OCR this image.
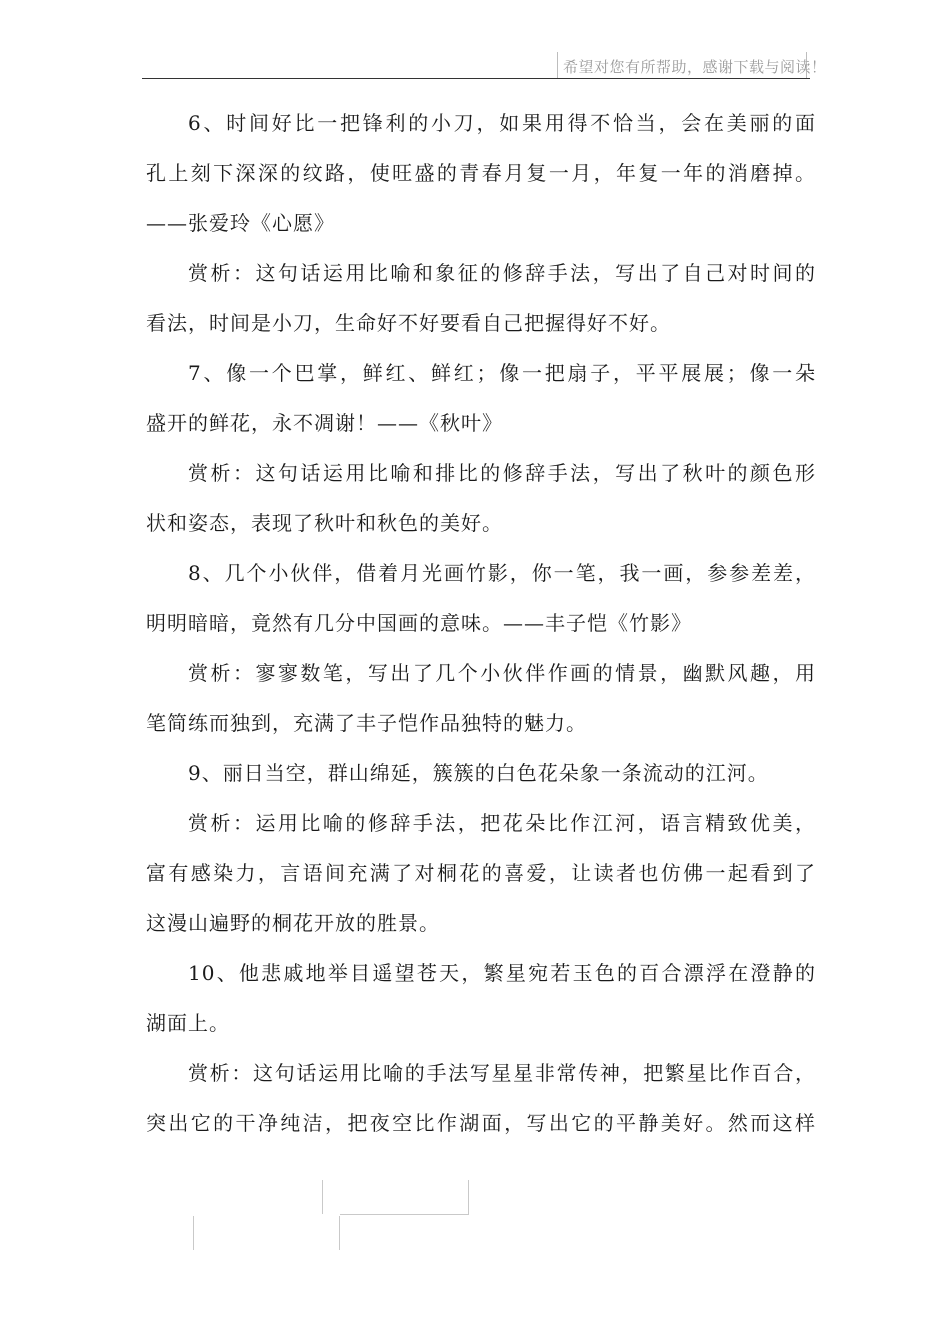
希望对您有所帮助，感谢下载与阅读！
6、时间好比一把锋利的小刀，如果用得不恰当，会在美丽的面
孔上刻下深深的纹路，使旺盛的青春月复一月，年复一年的消磨掉。
——张爱玲《心愿》
赏析：这句话运用比喻和象征的修辞手法，写出了自己对时间的
看法，时间是小刀，生命好不好要看自己把握得好不好。
7、像一个巴掌，鲜红、鲜红；像一把扇子，平平展展；像一朵
盛开的鲜花，永不凋谢！——《秋叶》
赏析：这句话运用比喻和排比的修辞手法，写出了秋叶的颜色形
状和姿态，表现了秋叶和秋色的美好。
8、几个小伙伴，借着月光画竹影，你一笔，我一画，参参差差，
明明暗暗，竟然有几分中国画的意味。——丰子恺《竹影》
赏析：寥寥数笔，写出了几个小伙伴作画的情景，幽默风趣，用
笔简练而独到，充满了丰子恺作品独特的魅力。
9、丽日当空，群山绵延，簇簇的白色花朵象一条流动的江河。
赏析：运用比喻的修辞手法，把花朵比作江河，语言精致优美，
富有感染力，言语间充满了对桐花的喜爱，让读者也仿佛一起看到了
这漫山遍野的桐花开放的胜景。
10、他悲戚地举目遥望苍天，繁星宛若玉色的百合漂浮在澄静的
湖面上。
赏析：这句话运用比喻的手法写星星非常传神，把繁星比作百合，
突出它的干净纯洁，把夜空比作湖面，写出它的平静美好。然而这样
